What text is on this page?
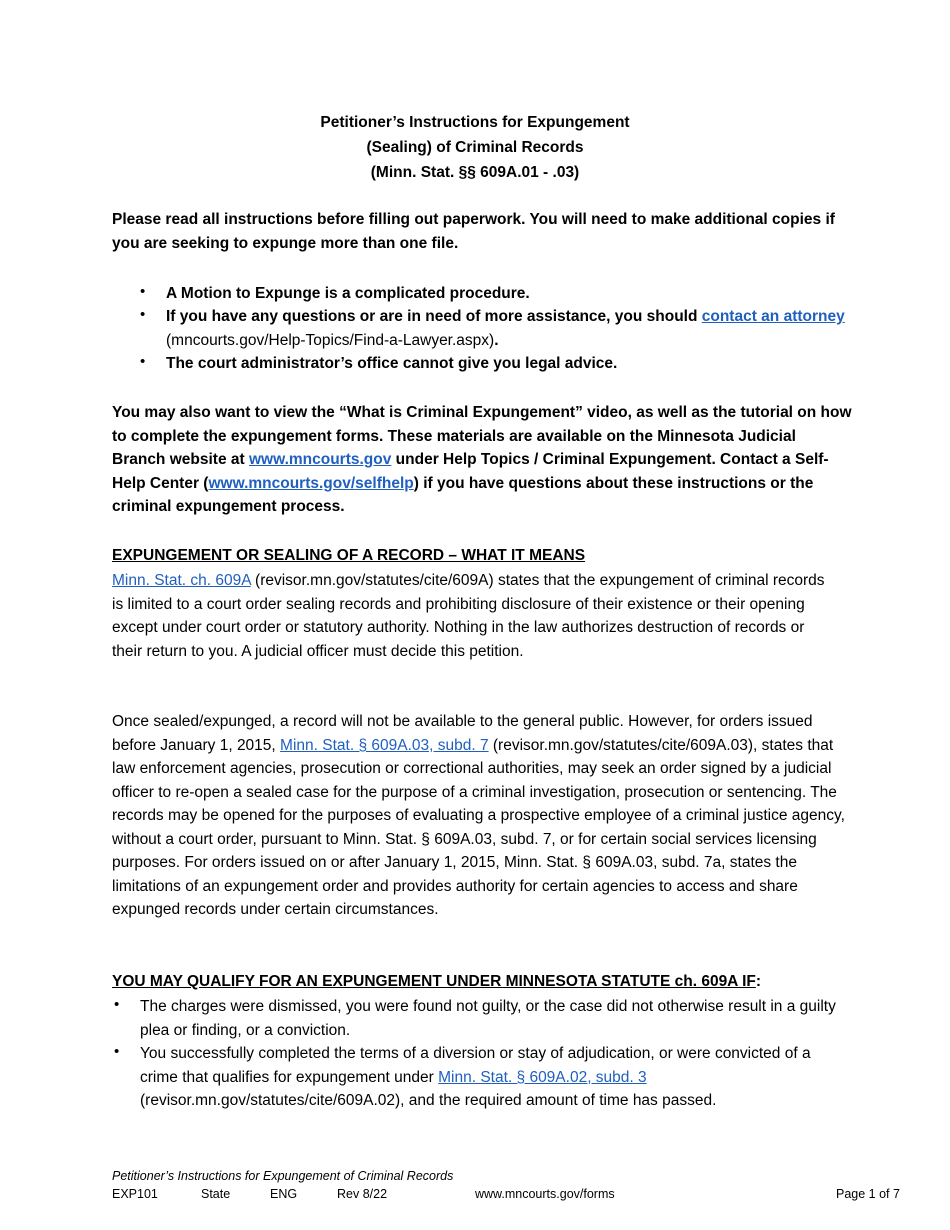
Petitioner’s Instructions for Expungement
(Sealing) of Criminal Records
(Minn. Stat. §§ 609A.01 - .03)
Please read all instructions before filling out paperwork. You will need to make additional copies if you are seeking to expunge more than one file.
• A Motion to Expunge is a complicated procedure.
• If you have any questions or are in need of more assistance, you should contact an attorney (mncourts.gov/Help-Topics/Find-a-Lawyer.aspx).
• The court administrator’s office cannot give you legal advice.
You may also want to view the “What is Criminal Expungement” video, as well as the tutorial on how to complete the expungement forms. These materials are available on the Minnesota Judicial Branch website at www.mncourts.gov under Help Topics / Criminal Expungement. Contact a Self-Help Center (www.mncourts.gov/selfhelp) if you have questions about these instructions or the criminal expungement process.
EXPUNGEMENT OR SEALING OF A RECORD – WHAT IT MEANS
Minn. Stat. ch. 609A (revisor.mn.gov/statutes/cite/609A) states that the expungement of criminal records is limited to a court order sealing records and prohibiting disclosure of their existence or their opening except under court order or statutory authority. Nothing in the law authorizes destruction of records or their return to you. A judicial officer must decide this petition.
Once sealed/expunged, a record will not be available to the general public. However, for orders issued before January 1, 2015, Minn. Stat. § 609A.03, subd. 7 (revisor.mn.gov/statutes/cite/609A.03), states that law enforcement agencies, prosecution or correctional authorities, may seek an order signed by a judicial officer to re-open a sealed case for the purpose of a criminal investigation, prosecution or sentencing. The records may be opened for the purposes of evaluating a prospective employee of a criminal justice agency, without a court order, pursuant to Minn. Stat. § 609A.03, subd. 7, or for certain social services licensing purposes. For orders issued on or after January 1, 2015, Minn. Stat. § 609A.03, subd. 7a, states the limitations of an expungement order and provides authority for certain agencies to access and share expunged records under certain circumstances.
YOU MAY QUALIFY FOR AN EXPUNGEMENT UNDER MINNESOTA STATUTE ch. 609A IF:
• The charges were dismissed, you were found not guilty, or the case did not otherwise result in a guilty plea or finding, or a conviction.
• You successfully completed the terms of a diversion or stay of adjudication, or were convicted of a crime that qualifies for expungement under Minn. Stat. § 609A.02, subd. 3 (revisor.mn.gov/statutes/cite/609A.02), and the required amount of time has passed.
Petitioner’s Instructions for Expungement of Criminal Records
EXP101	State	ENG	Rev 8/22	www.mncourts.gov/forms	Page 1 of 7
